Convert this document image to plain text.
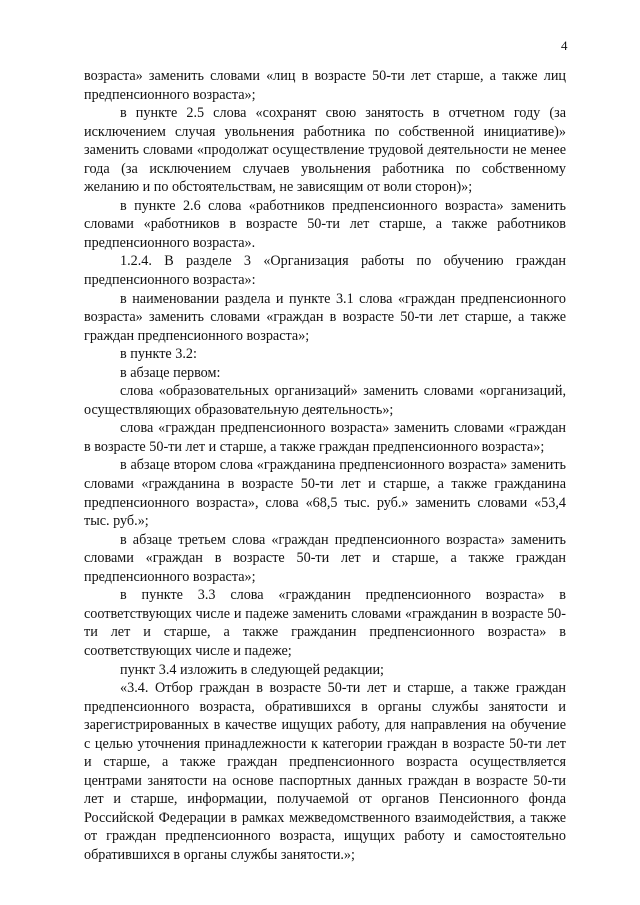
4

возраста» заменить словами «лиц в возрасте 50-ти лет старше, а также лиц предпенсионного возраста»;

в пункте 2.5 слова «сохранят свою занятость в отчетном году (за исключением случая увольнения работника по собственной инициативе)» заменить словами «продолжат осуществление трудовой деятельности не менее года (за исключением случаев увольнения работника по собственному желанию и по обстоятельствам, не зависящим от воли сторон)»;

в пункте 2.6 слова «работников предпенсионного возраста» заменить словами «работников в возрасте 50-ти лет старше, а также работников предпенсионного возраста».

1.2.4. В разделе 3 «Организация работы по обучению граждан предпенсионного возраста»:

в наименовании раздела и пункте 3.1 слова «граждан предпенсионного возраста» заменить словами «граждан в возрасте 50-ти лет старше, а также граждан предпенсионного возраста»;

в пункте 3.2:

в абзаце первом:

слова «образовательных организаций» заменить словами «организаций, осуществляющих образовательную деятельность»;

слова «граждан предпенсионного возраста» заменить словами «граждан в возрасте 50-ти лет и старше, а также граждан предпенсионного возраста»;

в абзаце втором слова «гражданина предпенсионного возраста» заменить словами «гражданина в возрасте 50-ти лет и старше, а также гражданина предпенсионного возраста», слова «68,5 тыс. руб.» заменить словами «53,4 тыс. руб.»;

в абзаце третьем слова «граждан предпенсионного возраста» заменить словами «граждан в возрасте 50-ти лет и старше, а также граждан предпенсионного возраста»;

в пункте 3.3 слова «гражданин предпенсионного возраста» в соответствующих числе и падеже заменить словами «гражданин в возрасте 50-ти лет и старше, а также гражданин предпенсионного возраста» в соответствующих числе и падеже;

пункт 3.4 изложить в следующей редакции;

«3.4. Отбор граждан в возрасте 50-ти лет и старше, а также граждан предпенсионного возраста, обратившихся в органы службы занятости и зарегистрированных в качестве ищущих работу, для направления на обучение с целью уточнения принадлежности к категории граждан в возрасте 50-ти лет и старше, а также граждан предпенсионного возраста осуществляется центрами занятости на основе паспортных данных граждан в возрасте 50-ти лет и старше, информации, получаемой от органов Пенсионного фонда Российской Федерации в рамках межведомственного взаимодействия, а также от граждан предпенсионного возраста, ищущих работу и самостоятельно обратившихся в органы службы занятости.»;
